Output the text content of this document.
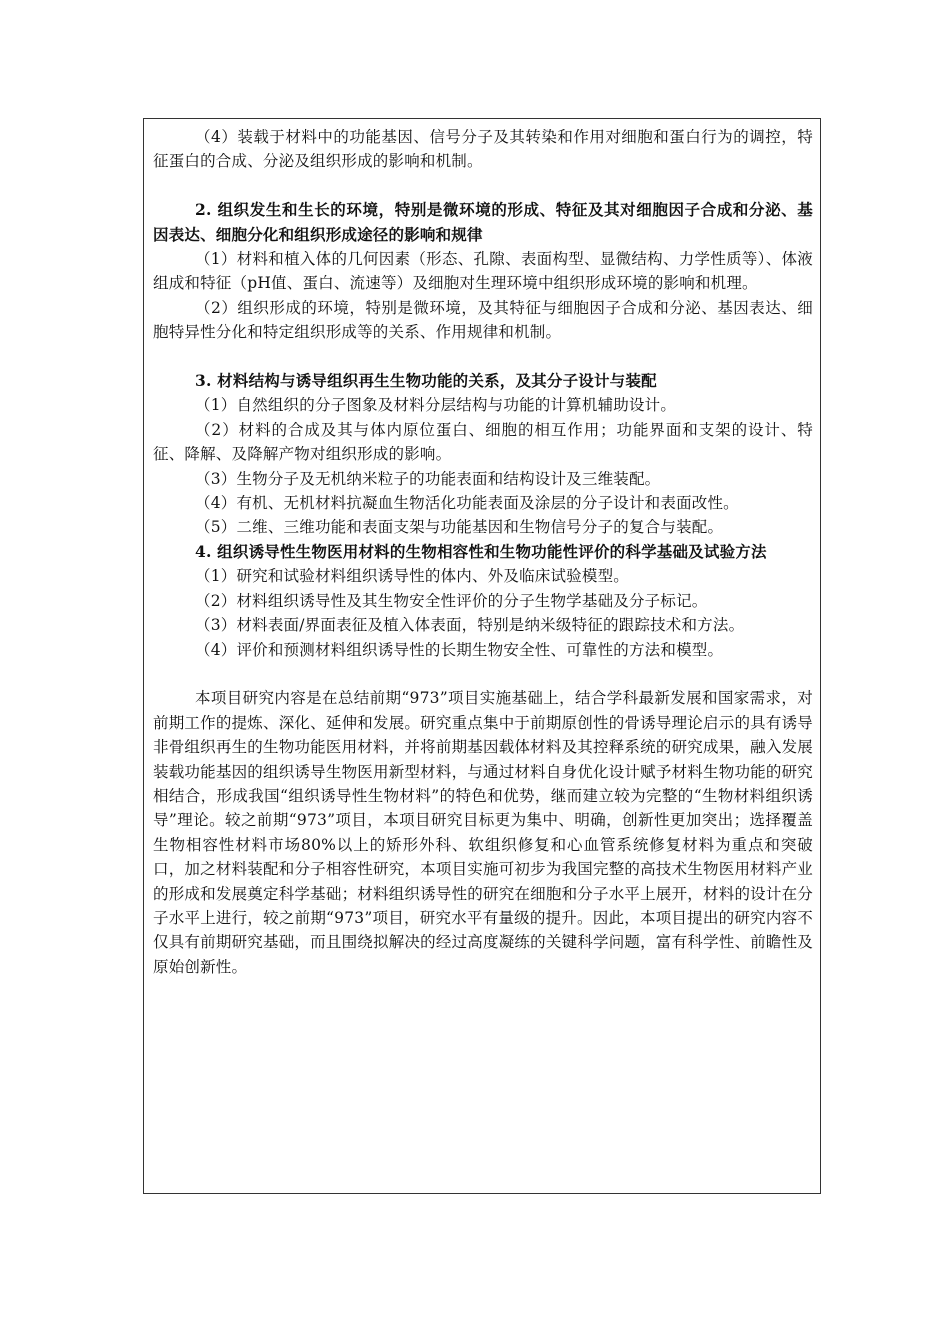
（4）装载于材料中的功能基因、信号分子及其转染和作用对细胞和蛋白行为的调控，特征蛋白的合成、分泌及组织形成的影响和机制。

2. 组织发生和生长的环境，特别是微环境的形成、特征及其对细胞因子合成和分泌、基因表达、细胞分化和组织形成途径的影响和规律

（1）材料和植入体的几何因素（形态、孔隙、表面构型、显微结构、力学性质等）、体液组成和特征（pH值、蛋白、流速等）及细胞对生理环境中组织形成环境的影响和机理。

（2）组织形成的环境，特别是微环境，及其特征与细胞因子合成和分泌、基因表达、细胞特异性分化和特定组织形成等的关系、作用规律和机制。

3. 材料结构与诱导组织再生生物功能的关系，及其分子设计与装配

（1）自然组织的分子图象及材料分层结构与功能的计算机辅助设计。

（2）材料的合成及其与体内原位蛋白、细胞的相互作用；功能界面和支架的设计、特征、降解、及降解产物对组织形成的影响。

（3）生物分子及无机纳米粒子的功能表面和结构设计及三维装配。

（4）有机、无机材料抗凝血生物活化功能表面及涂层的分子设计和表面改性。

（5）二维、三维功能和表面支架与功能基因和生物信号分子的复合与装配。

4. 组织诱导性生物医用材料的生物相容性和生物功能性评价的科学基础及试验方法

（1）研究和试验材料组织诱导性的体内、外及临床试验模型。

（2）材料组织诱导性及其生物安全性评价的分子生物学基础及分子标记。

（3）材料表面/界面表征及植入体表面，特别是纳米级特征的跟踪技术和方法。

（4）评价和预测材料组织诱导性的长期生物安全性、可靠性的方法和模型。

本项目研究内容是在总结前期“973”项目实施基础上，结合学科最新发展和国家需求，对前期工作的提炼、深化、延伸和发展。研究重点集中于前期原创性的骨诱导理论启示的具有诱导非骨组织再生的生物功能医用材料，并将前期基因载体材料及其控释系统的研究成果，融入发展装载功能基因的组织诱导生物医用新型材料，与通过材料自身优化设计赋予材料生物功能的研究相结合，形成我国“组织诱导性生物材料”的特色和优势，继而建立较为完整的“生物材料组织诱导”理论。较之前期“973”项目，本项目研究目标更为集中、明确，创新性更加突出；选择覆盖生物相容性材料市场80%以上的矫形外科、软组织修复和心血管系统修复材料为重点和突破口，加之材料装配和分子相容性研究，本项目实施可初步为我国完整的高技术生物医用材料产业的形成和发展奠定科学基础；材料组织诱导性的研究在细胞和分子水平上展开，材料的设计在分子水平上进行，较之前期“973”项目，研究水平有量级的提升。因此，本项目提出的研究内容不仅具有前期研究基础，而且围绕拟解决的经过高度凝练的关键科学问题，富有科学性、前瞻性及原始创新性。
